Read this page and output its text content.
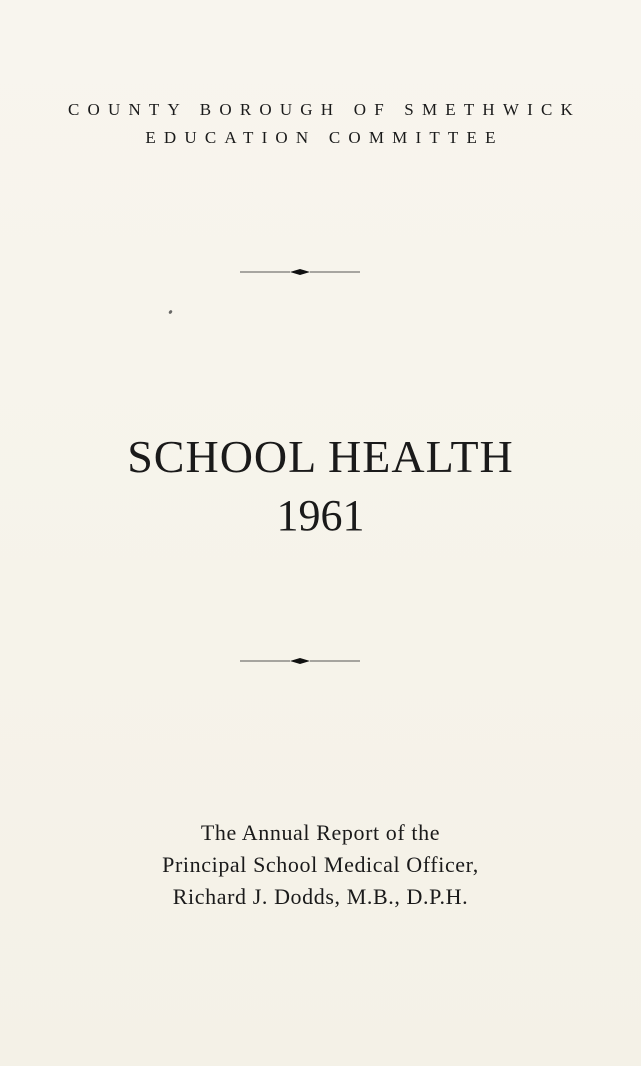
COUNTY BOROUGH OF SMETHWICK
EDUCATION COMMITTEE
SCHOOL HEALTH
1961
The Annual Report of the
Principal School Medical Officer,
Richard J. Dodds, M.B., D.P.H.
